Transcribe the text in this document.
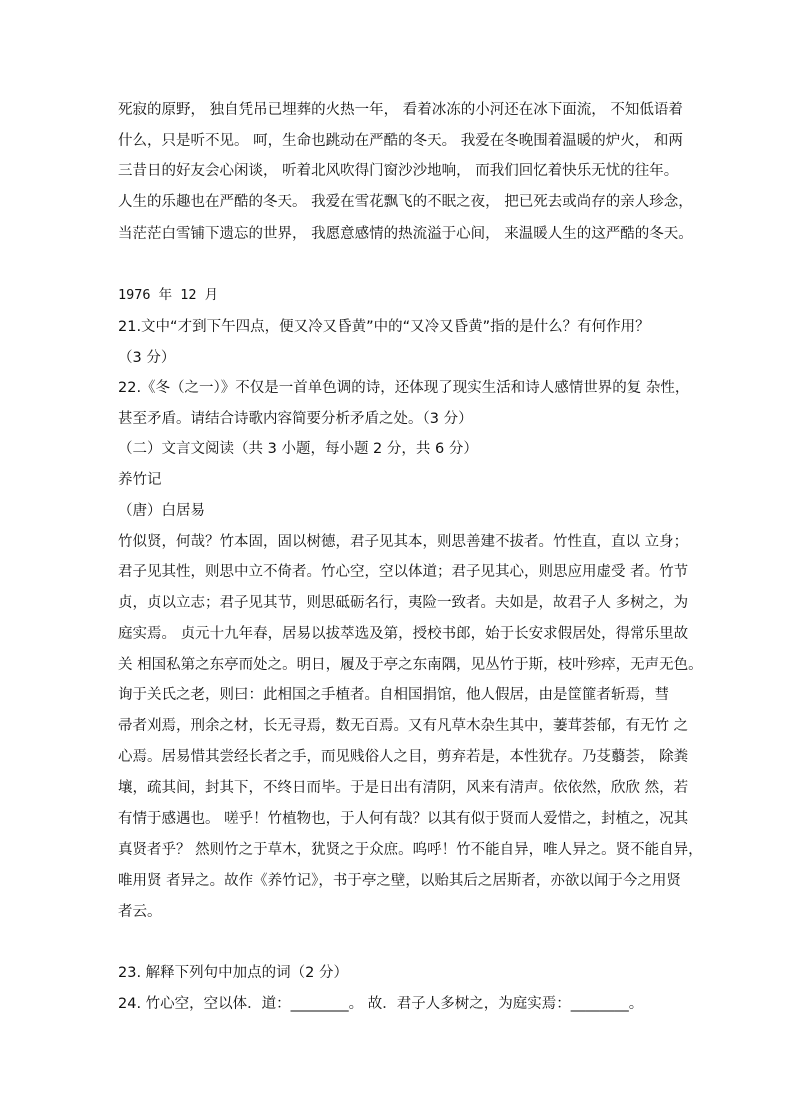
死寂的原野， 独自凭吊已埋葬的火热一年， 看着冰冻的小河还在冰下面流， 不知低语着
什么，只是听不见。 呵，生命也跳动在严酷的冬天。 我爱在冬晚围着温暖的炉火， 和两
三昔日的好友会心闲谈， 听着北风吹得门窗沙沙地响， 而我们回忆着快乐无忧的往年。
人生的乐趣也在严酷的冬天。 我爱在雪花飘飞的不眠之夜， 把已死去或尚存的亲人珍念，
当茫茫白雪铺下遗忘的世界， 我愿意感情的热流溢于心间， 来温暖人生的这严酷的冬天。
1976 年 12 月
21.文中“才到下午四点，便又冷又昏黄”中的“又冷又昏黄”指的是什么？有何作用？
（3 分）
22.《冬（之一）》不仅是一首单色调的诗，还体现了现实生活和诗人感情世界的复 杂性，
甚至矛盾。请结合诗歌内容简要分析矛盾之处。（3 分）
（二）文言文阅读（共 3 小题，每小题 2 分，共 6 分）
养竹记
（唐）白居易
竹似贤，何哉？竹本固，固以树德，君子见其本，则思善建不拔者。竹性直，直以 立身；
君子见其性，则思中立不倚者。竹心空，空以体道；君子见其心，则思应用虚受 者。竹节
贞，贞以立志；君子见其节，则思砥砺名行，夷险一致者。夫如是，故君子人 多树之，为
庭实焉。 贞元十九年春，居易以拔萃选及第，授校书郎，始于长安求假居处，得常乐里故
关 相国私第之东亭而处之。明日，履及于亭之东南隅，见丛竹于斯，枝叶殄瘁，无声无色。
询于关氏之老，则曰：此相国之手植者。自相国捐馆，他人假居，由是筐篚者斩焉，彗
帚者刈焉，刑余之材，长无寻焉，数无百焉。又有凡草木杂生其中，萋茸荟郁，有无竹 之
心焉。居易惜其尝经长者之手，而见贱俗人之目，剪弃若是，本性犹存。乃芟蘙荟， 除粪
壤，疏其间，封其下，不终日而毕。于是日出有清阴，风来有清声。依依然，欣欣 然，若
有情于感遇也。 嗟乎！竹植物也，于人何有哉？以其有似于贤而人爱惜之，封植之，况其
真贤者乎？ 然则竹之于草木，犹贤之于众庶。呜呼！竹不能自异，唯人异之。贤不能自异，
唯用贤 者异之。故作《养竹记》，书于亭之壁，以贻其后之居斯者，亦欲以闻于今之用贤
者云。
23. 解释下列句中加点的词（2 分）
24. 竹心空，空以体．道：________。 故．君子人多树之，为庭实焉：________。
